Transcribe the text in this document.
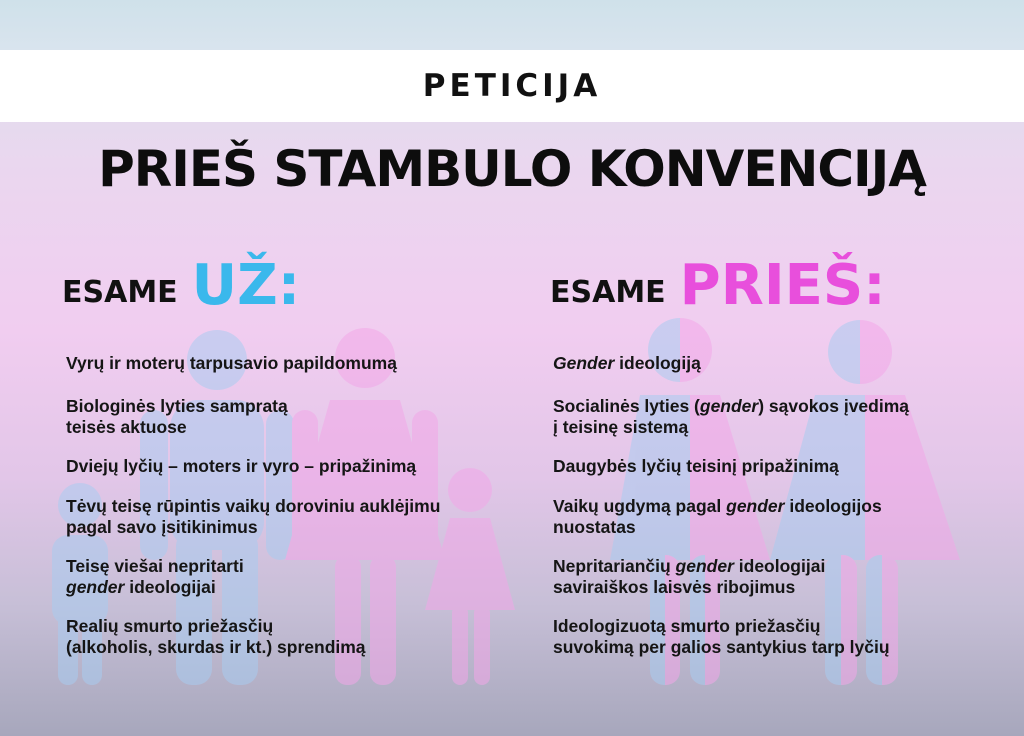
PETICIJA
PRIEŠ STAMBULO KONVENCIJĄ
ESAME UŽ:	ESAME PRIEŠ:
Vyrų ir moterų tarpusavio papildomumą
Biologinės lyties sampratą
teisės aktuose
Dviejų lyčių – moters ir vyro – pripažinimą
Tėvų teisę rūpintis vaikų doroviniu auklėjimu
pagal savo įsitikinimus
Teisę viešai nepritarti
gender ideologijai
Realių smurto priežasčių
(alkoholis, skurdas ir kt.) sprendimą
Gender ideologiją
Socialinės lyties (gender) sąvokos įvedimą
į teisinę sistemą
Daugybės lyčių teisinį pripažinimą
Vaikų ugdymą pagal gender ideologijos
nuostatas
Nepritariančių gender ideologijai
saviraiškos laisvės ribojimus
Ideologizuotą smurto priežasčių
suvokimą per galios santykius tarp lyčių
